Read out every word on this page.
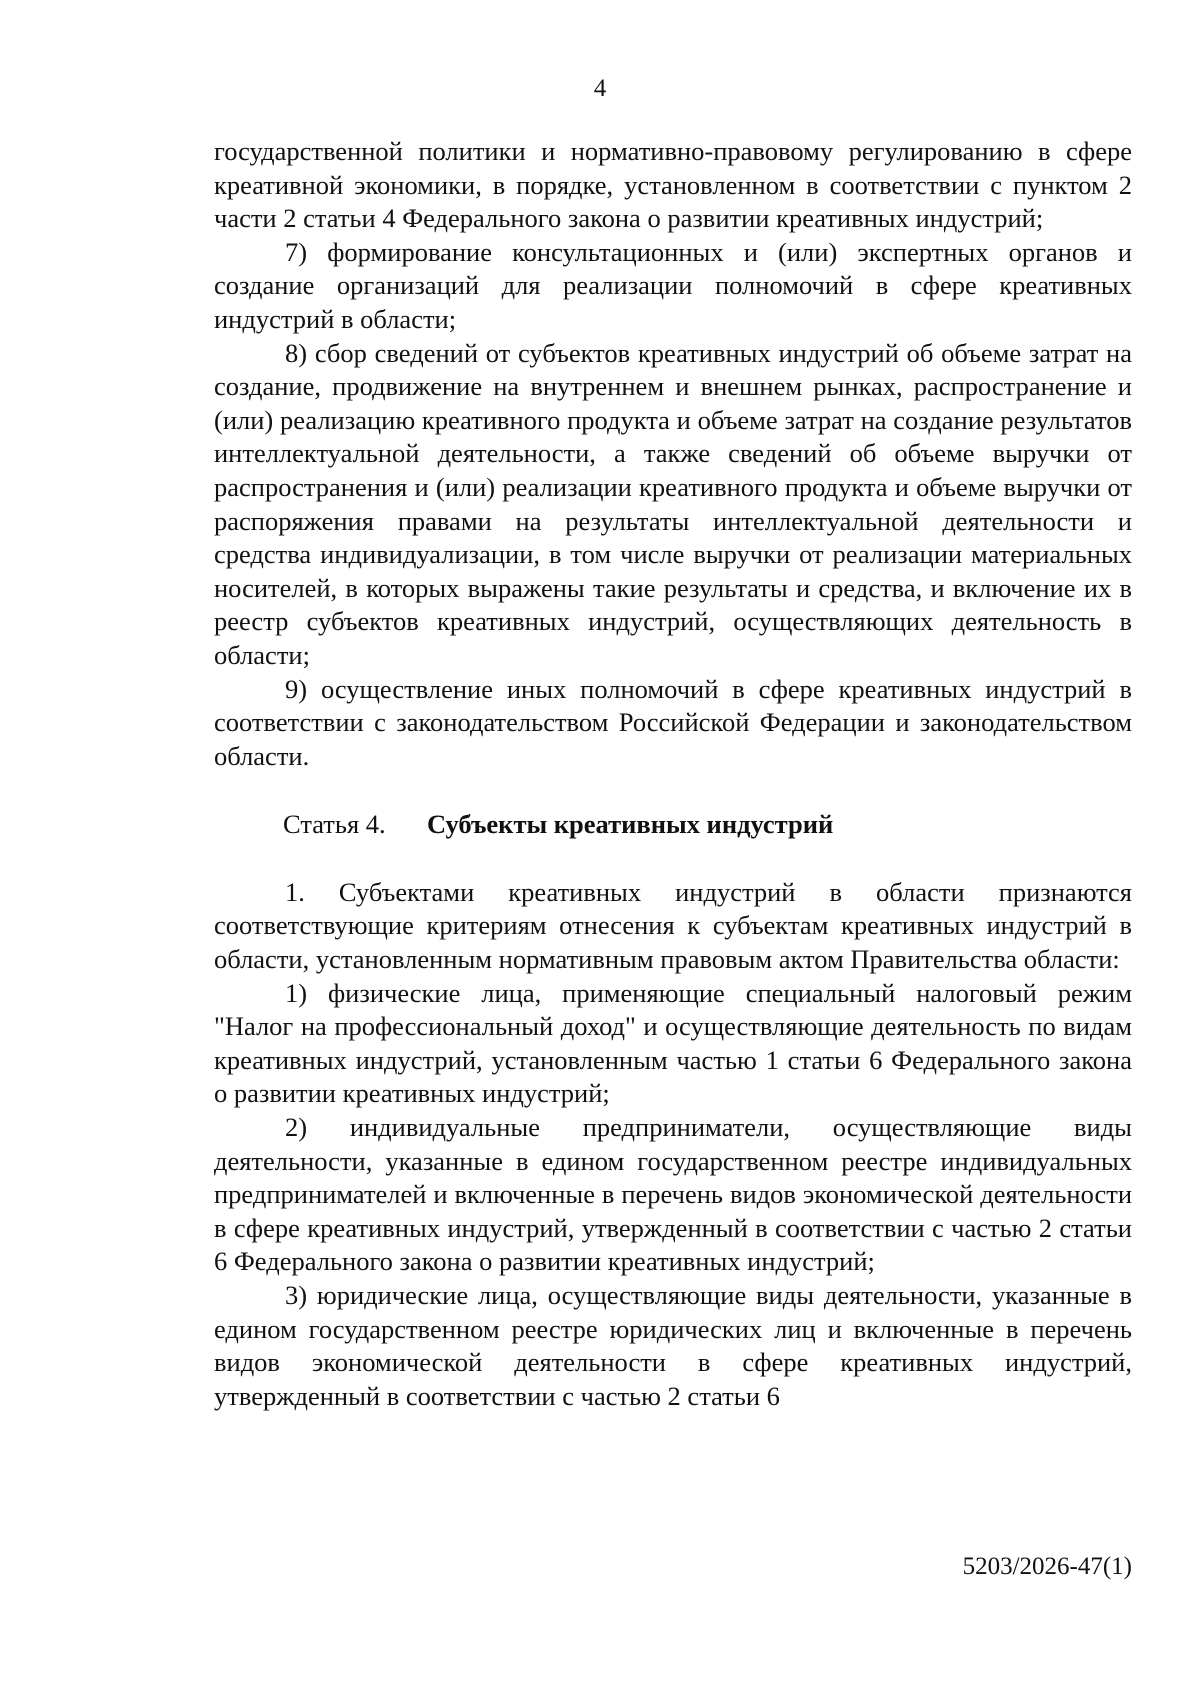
4

государственной политики и нормативно-правовому регулированию в сфере креативной экономики, в порядке, установленном в соответствии с пунктом 2 части 2 статьи 4 Федерального закона о развитии креативных индустрий;

7) формирование консультационных и (или) экспертных органов и создание организаций для реализации полномочий в сфере креативных индустрий в области;

8) сбор сведений от субъектов креативных индустрий об объеме затрат на создание, продвижение на внутреннем и внешнем рынках, распространение и (или) реализацию креативного продукта и объеме затрат на создание результатов интеллектуальной деятельности, а также сведений об объеме выручки от распространения и (или) реализации креативного продукта и объеме выручки от распоряжения правами на результаты интеллектуальной деятельности и средства индивидуализации, в том числе выручки от реализации материальных носителей, в которых выражены такие результаты и средства, и включение их в реестр субъектов креативных индустрий, осуществляющих деятельность в области;

9) осуществление иных полномочий в сфере креативных индустрий в соответствии с законодательством Российской Федерации и законодательством области.

Статья 4. Субъекты креативных индустрий

1. Субъектами креативных индустрий в области признаются соответствующие критериям отнесения к субъектам креативных индустрий в области, установленным нормативным правовым актом Правительства области:

1) физические лица, применяющие специальный налоговый режим "Налог на профессиональный доход" и осуществляющие деятельность по видам креативных индустрий, установленным частью 1 статьи 6 Федерального закона о развитии креативных индустрий;

2) индивидуальные предприниматели, осуществляющие виды деятельности, указанные в едином государственном реестре индивидуальных предпринимателей и включенные в перечень видов экономической деятельности в сфере креативных индустрий, утвержденный в соответствии с частью 2 статьи 6 Федерального закона о развитии креативных индустрий;

3) юридические лица, осуществляющие виды деятельности, указанные в едином государственном реестре юридических лиц и включенные в перечень видов экономической деятельности в сфере креативных индустрий, утвержденный в соответствии с частью 2 статьи 6

5203/2026-47(1)
